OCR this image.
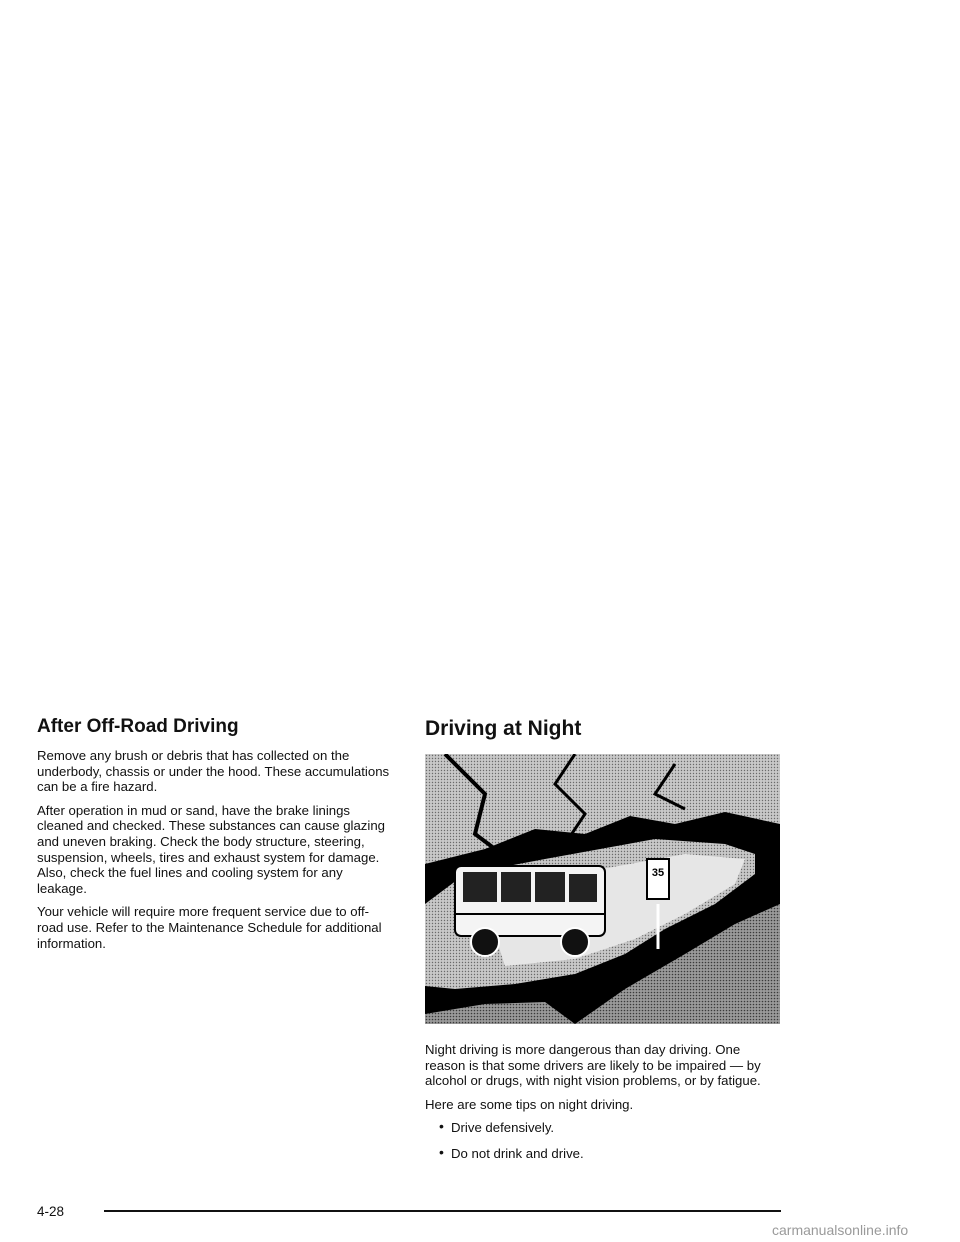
After Off-Road Driving

Remove any brush or debris that has collected on the underbody, chassis or under the hood. These accumulations can be a fire hazard.

After operation in mud or sand, have the brake linings cleaned and checked. These substances can cause glazing and uneven braking. Check the body structure, steering, suspension, wheels, tires and exhaust system for damage. Also, check the fuel lines and cooling system for any leakage.

Your vehicle will require more frequent service due to off-road use. Refer to the Maintenance Schedule for additional information.

Driving at Night
35

Night driving is more dangerous than day driving. One reason is that some drivers are likely to be impaired — by alcohol or drugs, with night vision problems, or by fatigue.

Here are some tips on night driving.

• Drive defensively.
• Do not drink and drive.
4-28
carmanualsonline.info
